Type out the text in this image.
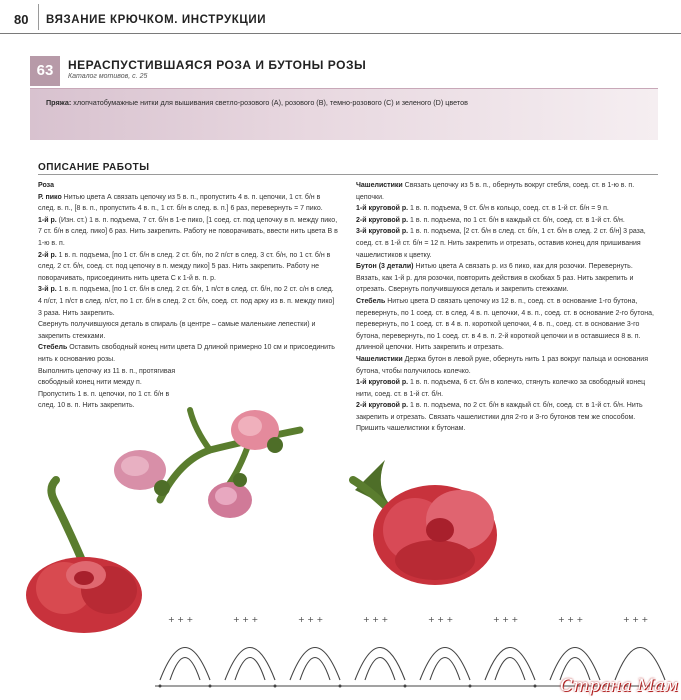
80 ВЯЗАНИЕ КРЮЧКОМ. ИНСТРУКЦИИ
63	НЕРАСПУСТИВШАЯСЯ РОЗА И БУТОНЫ РОЗЫ
Каталог мотивов, с. 25
Пряжа: хлопчатобумажные нитки для вышивания светло-розового (А), розового (В), темно-розового (С) и зеленого (D) цветов
ОПИСАНИЕ РАБОТЫ

Роза

Р. пико Нитью цвета А связать цепочку из 5 в. п., пропустить 4 в. п. цепочки, 1 ст. б/н в след. в. п., [8 в. п., пропустить 4 в. п., 1 ст. б/н в след. в. п.] 6 раз, перевернуть = 7 пико.

1-й р. (Изн. ст.) 1 в. п. подъема, 7 ст. б/н в 1-е пико, [1 соед. ст. под цепочку в п. между пико, 7 ст. б/н в след. пико] 6 раз. Нить закрепить. Работу не поворачивать, ввести нить цвета В в 1-ю в. п.

2-й р. 1 в. п. подъема, [по 1 ст. б/н в след. 2 ст. б/н, по 2 п/ст в след. 3 ст. б/н, по 1 ст. б/н в след. 2 ст. б/н, соед. ст. под цепочку в п. между пико] 5 раз. Нить закрепить. Работу не поворачивать, присоединить нить цвета С к 1-й в. п. р.

3-й р. 1 в. п. подъема, [по 1 ст. б/н в след. 2 ст. б/н, 1 п/ст в след. ст. б/н, по 2 ст. с/н в след. 4 п/ст, 1 п/ст в след. п/ст, по 1 ст. б/н в след. 2 ст. б/н, соед. ст. под арку из в. п. между пико] 3 раза. Нить закрепить.

Свернуть получившуюся деталь в спираль (в центре – самые маленькие лепестки) и закрепить стежками.

Стебель Оставить свободный конец нити цвета D длиной примерно 10 см и присоединить нить к основанию розы.

Выполнить цепочку из 11 в. п., протягивая свободный конец нити между п.

Пропустить 1 в. п. цепочки, по 1 ст. б/н в след. 10 в. п. Нить закрепить.

Чашелистики Связать цепочку из 5 в. п., обернуть вокруг стебля, соед. ст. в 1-ю в. п. цепочки.

1-й круговой р. 1 в. п. подъема, 9 ст. б/н в кольцо, соед. ст. в 1-й ст. б/н = 9 п.

2-й круговой р. 1 в. п. подъема, по 1 ст. б/н в каждый ст. б/н, соед. ст. в 1-й ст. б/н.

3-й круговой р. 1 в. п. подъема, [2 ст. б/н в след. ст. б/н, 1 ст. б/н в след. 2 ст. б/н] 3 раза, соед. ст. в 1-й ст. б/н = 12 п. Нить закрепить и отрезать, оставив конец для пришивания чашелистиков к цветку.

Бутон (3 детали) Нитью цвета А связать р. из 6 пико, как для розочки. Перевернуть. Вязать, как 1-й р. для розочки, повторить действия в скобках 5 раз. Нить закрепить и отрезать. Свернуть получившуюся деталь и закрепить стежками.

Стебель Нитью цвета D связать цепочку из 12 в. п., соед. ст. в основание 1-го бутона, перевернуть, по 1 соед. ст. в след. 4 в. п. цепочки, 4 в. п., соед. ст. в основание 2-го бутона, перевернуть, по 1 соед. ст. в 4 в. п. короткой цепочки, 4 в. п., соед. ст. в основание 3-го бутона, перевернуть, по 1 соед. ст. в 4 в. п. 2-й короткой цепочки и в оставшиеся 8 в. п. длинной цепочки. Нить закрепить и отрезать.

Чашелистики Держа бутон в левой руке, обернуть нить 1 раз вокруг пальца и основания бутона, чтобы получилось колечко.

1-й круговой р. 1 в. п. подъема, 6 ст. б/н в колечко, стянуть колечко за свободный конец нити, соед. ст. в 1-й ст. б/н.

2-й круговой р. 1 в. п. подъема, по 2 ст. б/н в каждый ст. б/н, соед. ст. в 1-й ст. б/н. Нить закрепить и отрезать. Связать чашелистики для 2-го и 3-го бутонов тем же способом. Пришить чашелистики к бутонам.

+ + +	+ + +	+ + +	+ + +	+ + +	+ + +	+ + +	+ + +
Страна Мам
